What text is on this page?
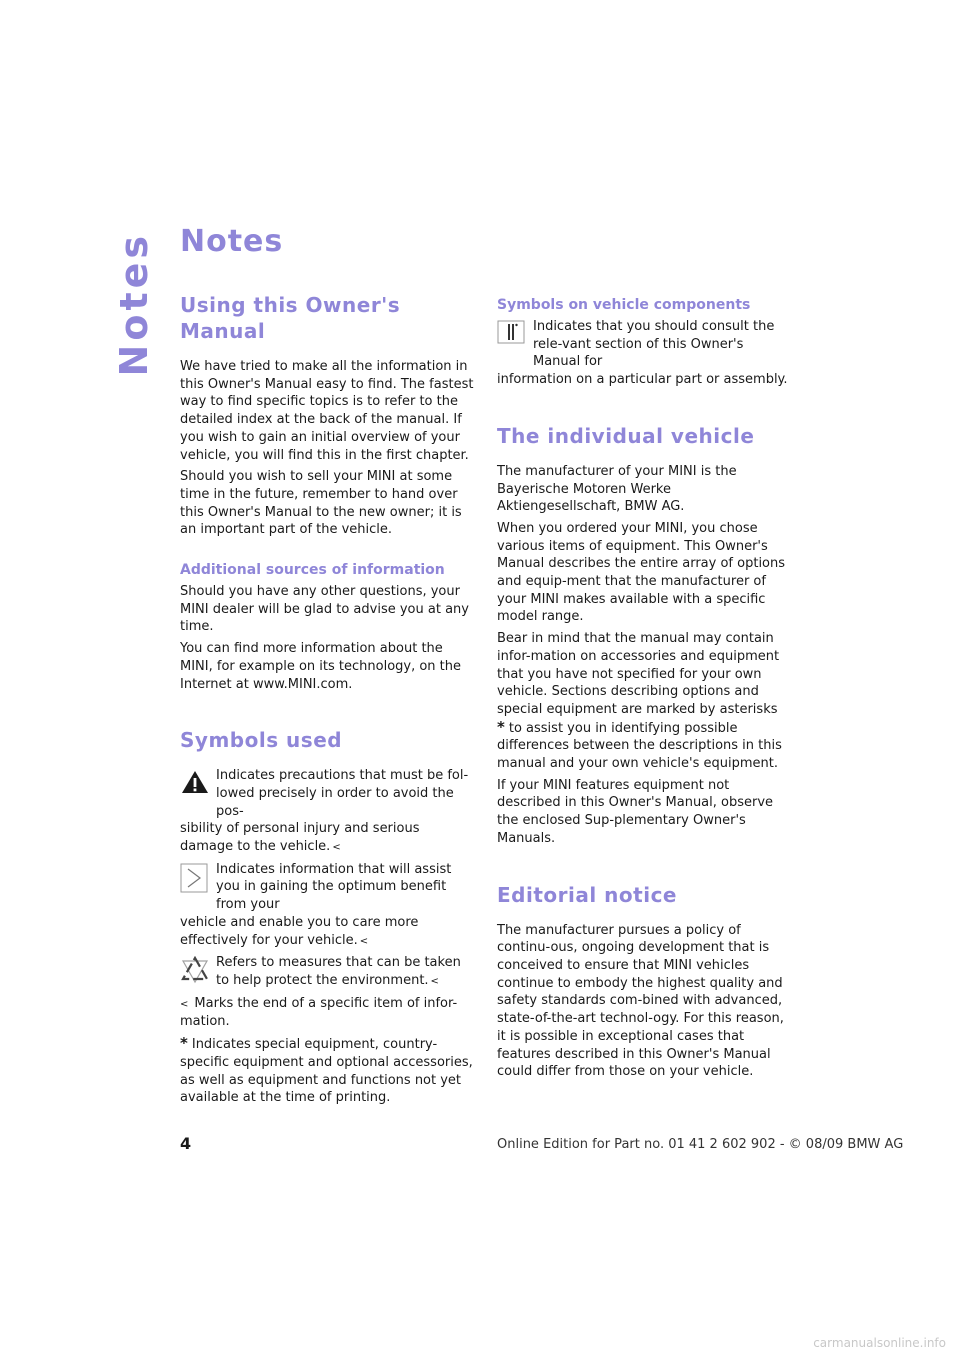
Notes Notes
Using this Owner's Manual

We have tried to make all the information in this Owner's Manual easy to find. The fastest way to find specific topics is to refer to the detailed index at the back of the manual. If you wish to gain an initial overview of your vehicle, you will find this in the first chapter.

Should you wish to sell your MINI at some time in the future, remember to hand over this Owner's Manual to the new owner; it is an important part of the vehicle.

Additional sources of information

Should you have any other questions, your MINI dealer will be glad to advise you at any time.

You can find more information about the MINI, for example on its technology, on the Internet at www.MINI.com.

Symbols used

Indicates precautions that must be fol-lowed precisely in order to avoid the pos-

sibility of personal injury and serious damage to the vehicle. <

Indicates information that will assist you in gaining the optimum benefit from your

vehicle and enable you to care more effectively for your vehicle. <

Refers to measures that can be taken to help protect the environment. <

< Marks the end of a specific item of infor-mation.

* Indicates special equipment, country-specific equipment and optional accessories, as well as equipment and functions not yet available at the time of printing.

Symbols on vehicle components

Indicates that you should consult the rele-vant section of this Owner's Manual for

information on a particular part or assembly.

The individual vehicle

The manufacturer of your MINI is the Bayerische Motoren Werke Aktiengesellschaft, BMW AG.

When you ordered your MINI, you chose various items of equipment. This Owner's Manual describes the entire array of options and equip-ment that the manufacturer of your MINI makes available with a specific model range.

Bear in mind that the manual may contain infor-mation on accessories and equipment that you have not specified for your own vehicle. Sections describing options and special equipment are marked by asterisks * to assist you in identifying possible differences between the descriptions in this manual and your own vehicle's equipment.

If your MINI features equipment not described in this Owner's Manual, observe the enclosed Sup-plementary Owner's Manuals.

Editorial notice

The manufacturer pursues a policy of continu-ous, ongoing development that is conceived to ensure that MINI vehicles continue to embody the highest quality and safety standards com-bined with advanced, state-of-the-art technol-ogy. For this reason, it is possible in exceptional cases that features described in this Owner's Manual could differ from those on your vehicle.

4	Online Edition for Part no. 01 41 2 602 902 - © 08/09 BMW AG
carmanualsonline.info
